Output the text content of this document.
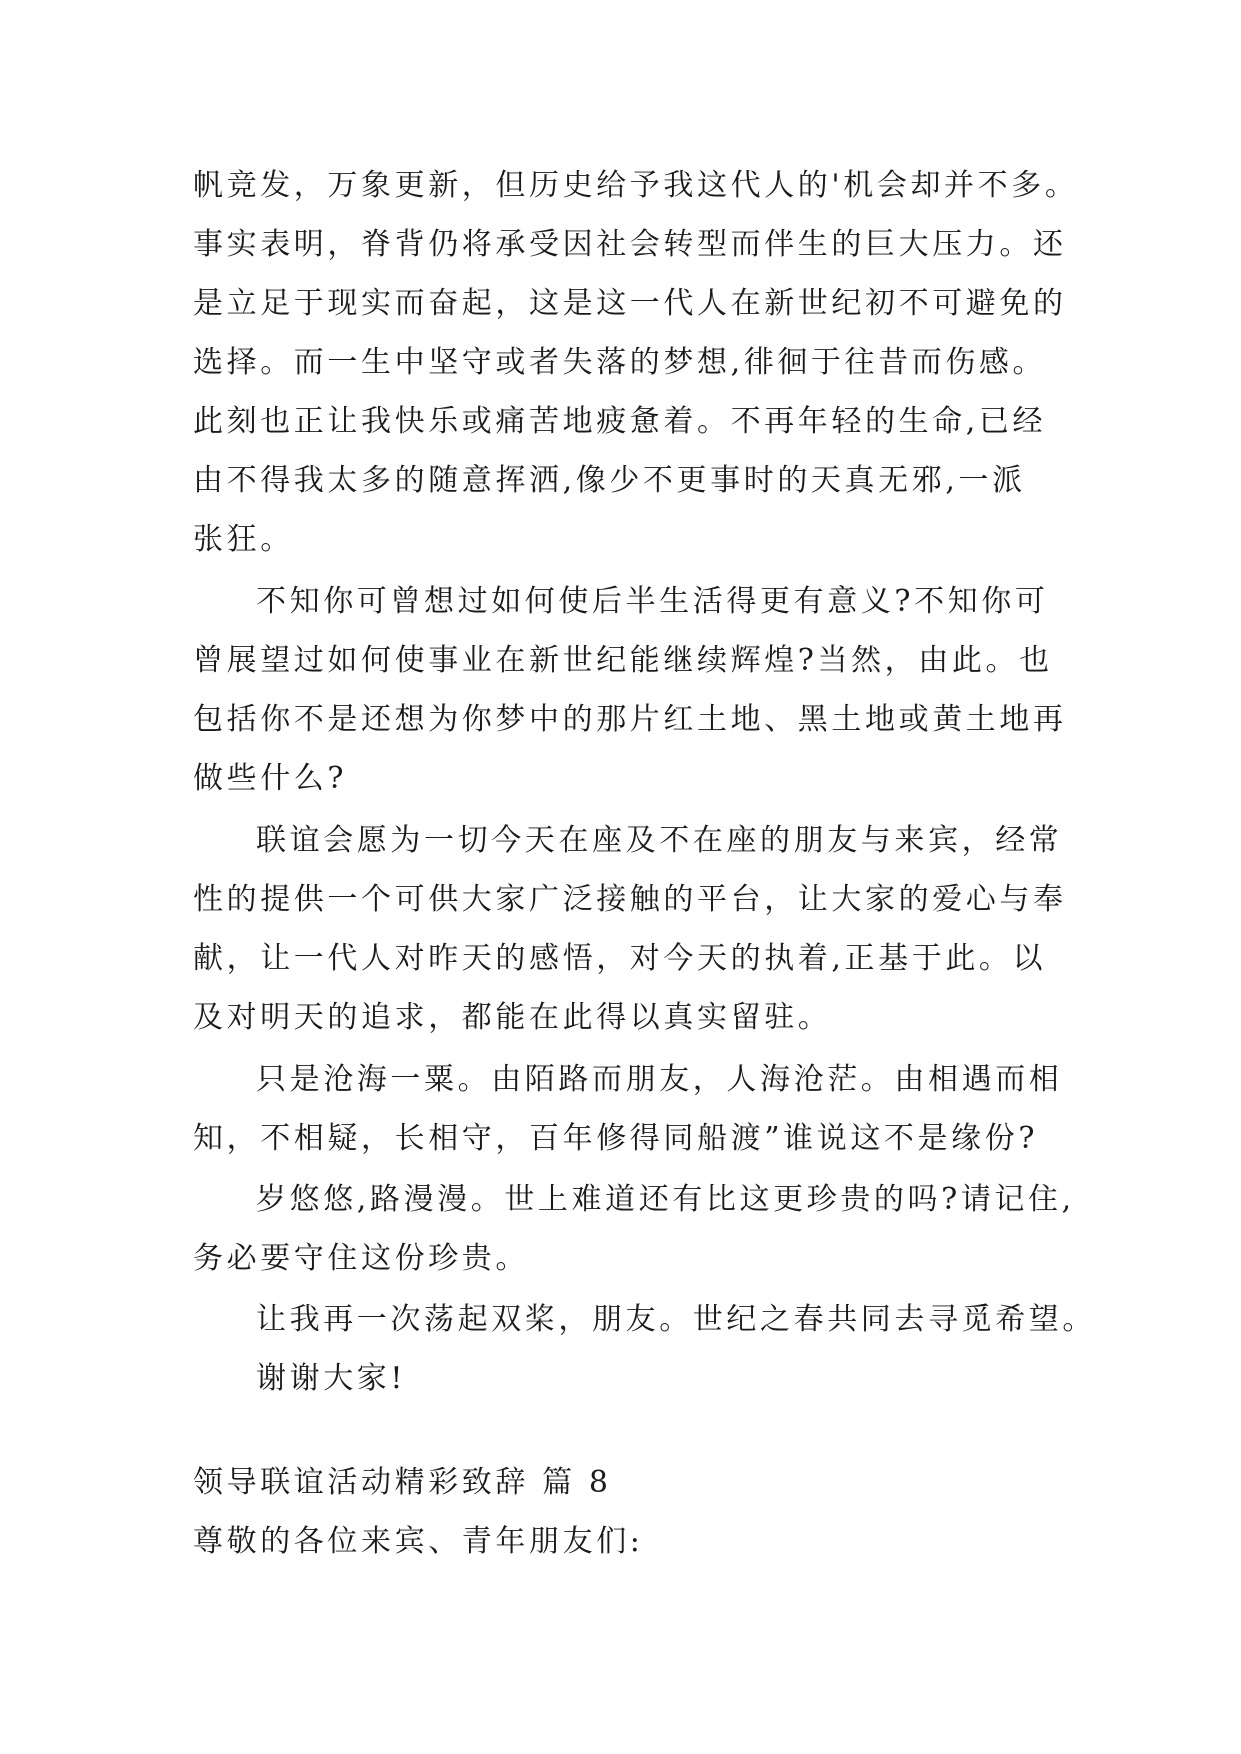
帆竞发，万象更新，但历史给予我这代人的'机会却并不多。
事实表明，脊背仍将承受因社会转型而伴生的巨大压力。还
是立足于现实而奋起，这是这一代人在新世纪初不可避免的
选择。而一生中坚守或者失落的梦想,徘徊于往昔而伤感。
此刻也正让我快乐或痛苦地疲惫着。不再年轻的生命,已经
由不得我太多的随意挥洒,像少不更事时的天真无邪,一派
张狂。
不知你可曾想过如何使后半生活得更有意义?不知你可
曾展望过如何使事业在新世纪能继续辉煌?当然，由此。也
包括你不是还想为你梦中的那片红土地、黑土地或黄土地再
做些什么?
联谊会愿为一切今天在座及不在座的朋友与来宾，经常
性的提供一个可供大家广泛接触的平台，让大家的爱心与奉
献，让一代人对昨天的感悟，对今天的执着,正基于此。以
及对明天的追求，都能在此得以真实留驻。
只是沧海一粟。由陌路而朋友，人海沧茫。由相遇而相
知，不相疑，长相守，百年修得同船渡”谁说这不是缘份?
岁悠悠,路漫漫。世上难道还有比这更珍贵的吗?请记住,
务必要守住这份珍贵。
让我再一次荡起双桨，朋友。世纪之春共同去寻觅希望。
谢谢大家!
领导联谊活动精彩致辞 篇 8
尊敬的各位来宾、青年朋友们:
